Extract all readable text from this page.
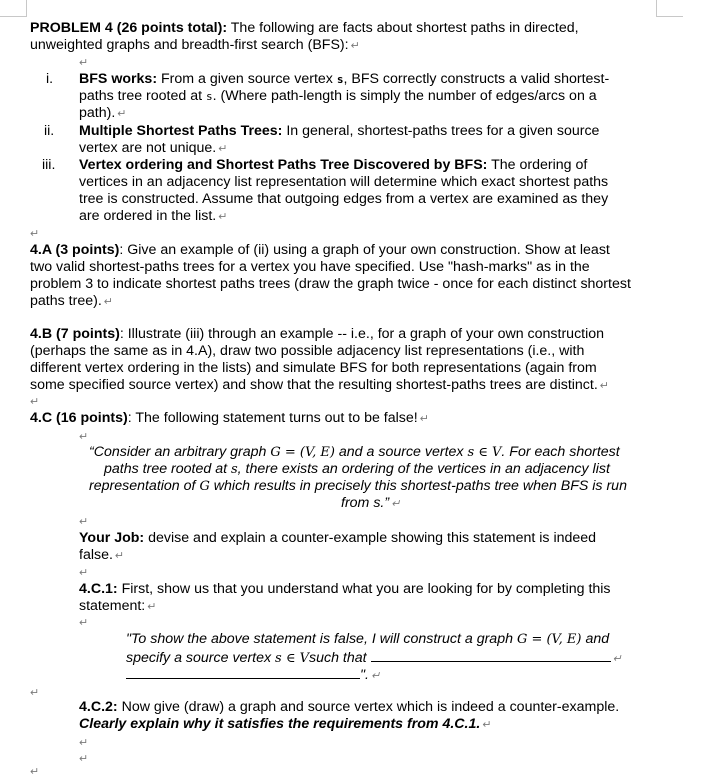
PROBLEM 4 (26 points total): The following are facts about shortest paths in directed,
unweighted graphs and breadth-first search (BFS): ↵
↵
i. BFS works: From a given source vertex s, BFS correctly constructs a valid shortest-
paths tree rooted at s. (Where path-length is simply the number of edges/arcs on a
path). ↵
ii. Multiple Shortest Paths Trees: In general, shortest-paths trees for a given source
vertex are not unique. ↵
iii. Vertex ordering and Shortest Paths Tree Discovered by BFS: The ordering of
vertices in an adjacency list representation will determine which exact shortest paths
tree is constructed. Assume that outgoing edges from a vertex are examined as they
are ordered in the list. ↵
↵
4.A (3 points): Give an example of (ii) using a graph of your own construction. Show at least
two valid shortest-paths trees for a vertex you have specified. Use "hash-marks" as in the
problem 3 to indicate shortest paths trees (draw the graph twice - once for each distinct shortest
paths tree). ↵
4.B (7 points): Illustrate (iii) through an example -- i.e., for a graph of your own construction
(perhaps the same as in 4.A), draw two possible adjacency list representations (i.e., with
different vertex ordering in the lists) and simulate BFS for both representations (again from
some specified source vertex) and show that the resulting shortest-paths trees are distinct. ↵
↵
4.C (16 points): The following statement turns out to be false! ↵
↵
“Consider an arbitrary graph G = (V, E) and a source vertex s ∈ V. For each shortest
paths tree rooted at s, there exists an ordering of the vertices in an adjacency list
representation of G which results in precisely this shortest-paths tree when BFS is run
from s.” ↵
↵
Your Job: devise and explain a counter-example showing this statement is indeed
false. ↵
↵
4.C.1: First, show us that you understand what you are looking for by completing this
statement: ↵
↵
"To show the above statement is false, I will construct a graph G = (V, E) and
specify a source vertex s ∈ Vsuch that	↵
". ↵
↵
4.C.2: Now give (draw) a graph and source vertex which is indeed a counter-example.
Clearly explain why it satisfies the requirements from 4.C.1. ↵
↵
↵
↵
